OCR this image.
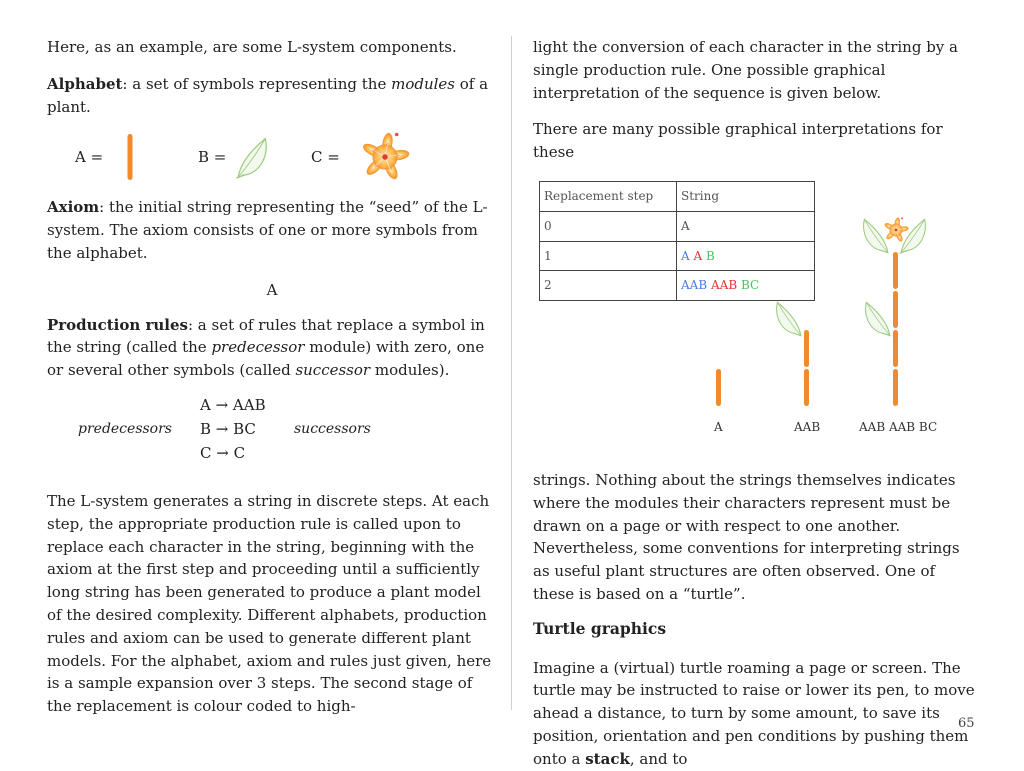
Here, as an example, are some L-system components.

Alphabet: a set of symbols representing the modules of a plant.

A =	B =	C =

Axiom: the initial string representing the “seed” of the L-system. The axiom consists of one or more symbols from the alphabet.

A

Production rules: a set of rules that replace a symbol in the string (called the predecessor module) with zero, one or several other symbols (called successor modules).

predecessors
A → AAB
B → BC
C → C
successors

The L-system generates a string in discrete steps. At each step, the appropriate production rule is called upon to replace each character in the string, beginning with the axiom at the first step and proceeding until a sufficiently long string has been generated to produce a plant model of the desired complexity. Different alphabets, production rules and axiom can be used to generate different plant models. For the alphabet, axiom and rules just given, here is a sample expansion over 3 steps. The second stage of the replacement is colour coded to high-

light the conversion of each character in the string by a single production rule. One possible graphical interpretation of the sequence is given below.

There are many possible graphical interpretations for these

Replacement step	String
0	A
1	A A B
2	AAB AAB BC
A	AAB	AAB AAB BC

strings. Nothing about the strings themselves indicates where the modules their characters represent must be drawn on a page or with respect to one another. Nevertheless, some conventions for interpreting strings as useful plant structures are often observed. One of these is based on a “turtle”.

Turtle graphics

Imagine a (virtual) turtle roaming a page or screen. The turtle may be instructed to raise or lower its pen, to move ahead a distance, to turn by some amount, to save its position, orientation and pen conditions by pushing them onto a stack, and to

65
